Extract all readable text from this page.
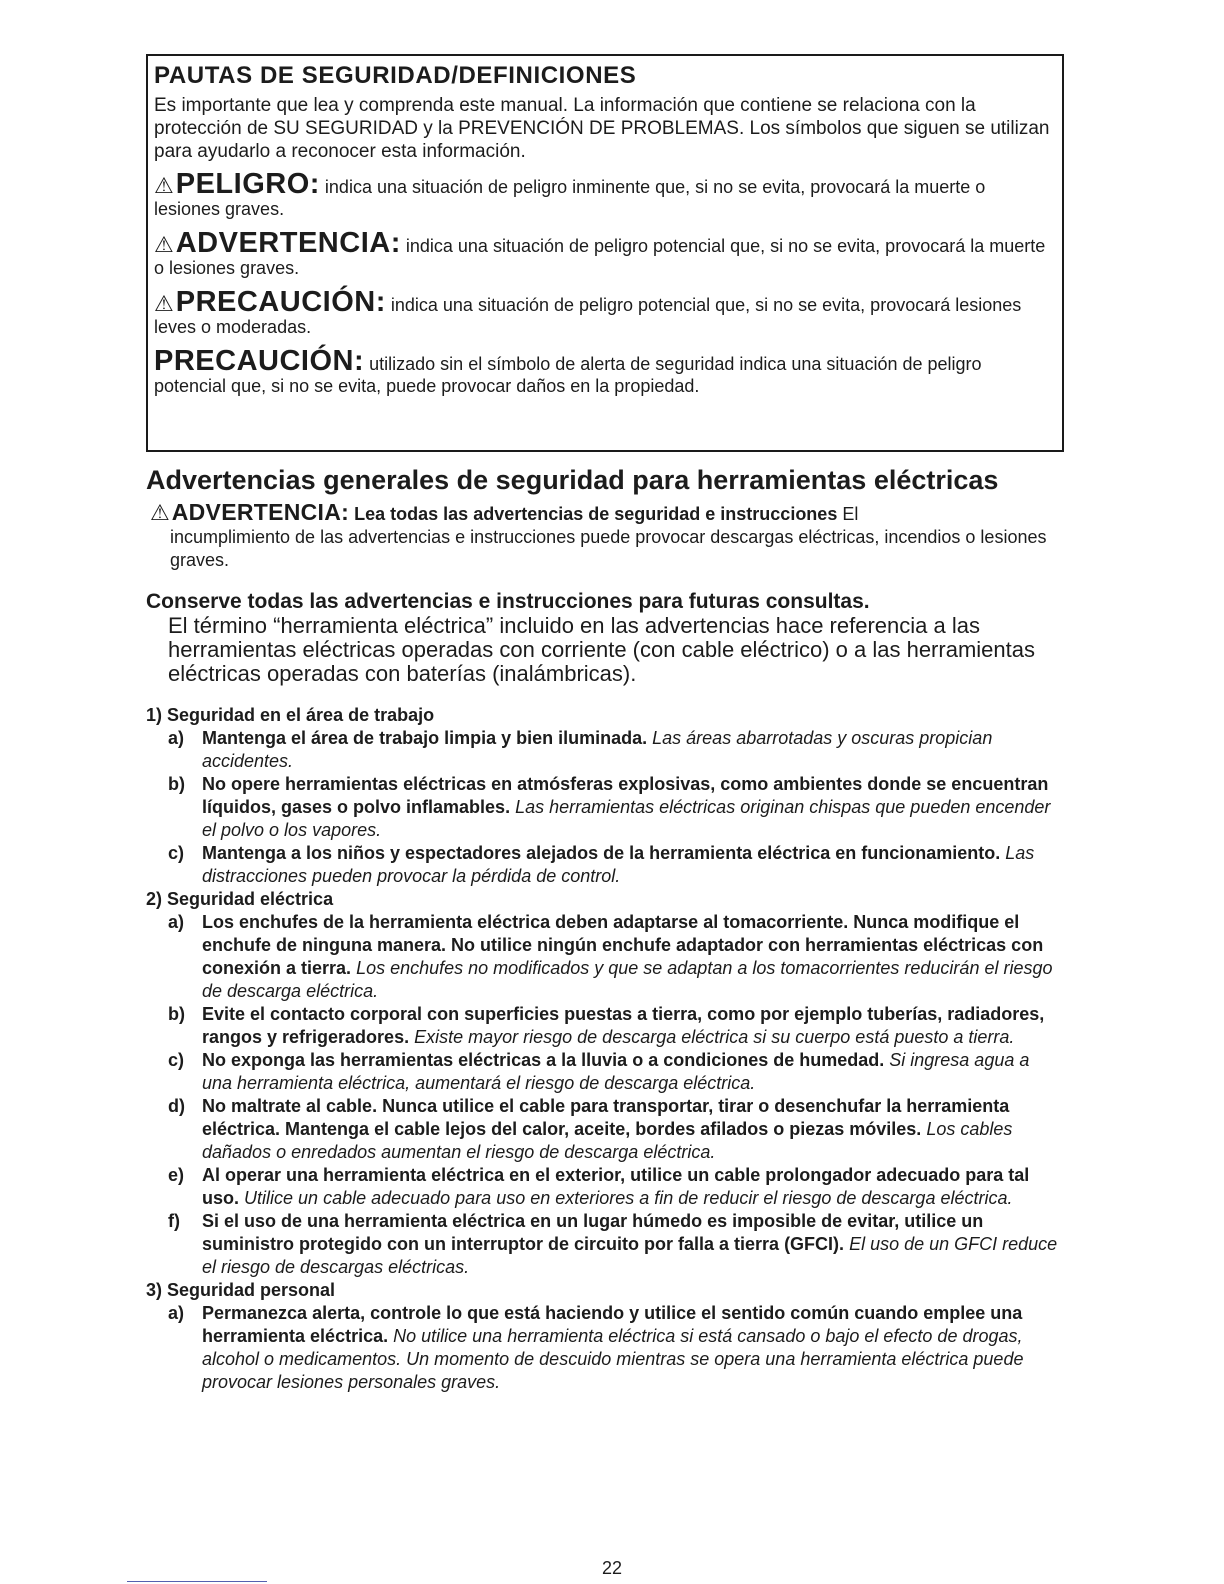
PAUTAS DE SEGURIDAD/DEFINICIONES

Es importante que lea y comprenda este manual. La información que contiene se relaciona con la protección de SU SEGURIDAD y la PREVENCIÓN DE PROBLEMAS. Los símbolos que siguen se utilizan para ayudarlo a reconocer esta información.

⚠PELIGRO: indica una situación de peligro inminente que, si no se evita, provocará la muerte o lesiones graves.

⚠ADVERTENCIA: indica una situación de peligro potencial que, si no se evita, provocará la muerte o lesiones graves.

⚠PRECAUCIÓN: indica una situación de peligro potencial que, si no se evita, provocará lesiones leves o moderadas.

PRECAUCIÓN: utilizado sin el símbolo de alerta de seguridad indica una situación de peligro potencial que, si no se evita, puede provocar daños en la propiedad.

Advertencias generales de seguridad para herramientas eléctricas
⚠ADVERTENCIA: Lea todas las advertencias de seguridad e instrucciones El
incumplimiento de las advertencias e instrucciones puede provocar descargas eléctricas, incendios o lesiones graves.
Conserve todas las advertencias e instrucciones para futuras consultas.
El término “herramienta eléctrica” incluido en las advertencias hace referencia a las herramientas eléctricas operadas con corriente (con cable eléctrico) o a las herramientas eléctricas operadas con baterías (inalámbricas).
1) Seguridad en el área de trabajo
a) Mantenga el área de trabajo limpia y bien iluminada. Las áreas abarrotadas y oscuras propician accidentes.
b) No opere herramientas eléctricas en atmósferas explosivas, como ambientes donde se encuentran líquidos, gases o polvo inflamables. Las herramientas eléctricas originan chispas que pueden encender el polvo o los vapores.
c) Mantenga a los niños y espectadores alejados de la herramienta eléctrica en funcionamiento. Las distracciones pueden provocar la pérdida de control.
2) Seguridad eléctrica
a) Los enchufes de la herramienta eléctrica deben adaptarse al tomacorriente. Nunca modifique el enchufe de ninguna manera. No utilice ningún enchufe adaptador con herramientas eléctricas con conexión a tierra. Los enchufes no modificados y que se adaptan a los tomacorrientes reducirán el riesgo de descarga eléctrica.
b) Evite el contacto corporal con superficies puestas a tierra, como por ejemplo tuberías, radiadores, rangos y refrigeradores. Existe mayor riesgo de descarga eléctrica si su cuerpo está puesto a tierra.
c) No exponga las herramientas eléctricas a la lluvia o a condiciones de humedad. Si ingresa agua a una herramienta eléctrica, aumentará el riesgo de descarga eléctrica.
d) No maltrate al cable. Nunca utilice el cable para transportar, tirar o desenchufar la herramienta eléctrica. Mantenga el cable lejos del calor, aceite, bordes afilados o piezas móviles. Los cables dañados o enredados aumentan el riesgo de descarga eléctrica.
e) Al operar una herramienta eléctrica en el exterior, utilice un cable prolongador adecuado para tal uso. Utilice un cable adecuado para uso en exteriores a fin de reducir el riesgo de descarga eléctrica.
f)	Si el uso de una herramienta eléctrica en un lugar húmedo es imposible de evitar, utilice un suministro protegido con un interruptor de circuito por falla a tierra (GFCI). El uso de un GFCI reduce el riesgo de descargas eléctricas.
3) Seguridad personal
a) Permanezca alerta, controle lo que está haciendo y utilice el sentido común cuando emplee una herramienta eléctrica. No utilice una herramienta eléctrica si está cansado o bajo el efecto de drogas, alcohol o medicamentos. Un momento de descuido mientras se opera una herramienta eléctrica puede provocar lesiones personales graves.
22
